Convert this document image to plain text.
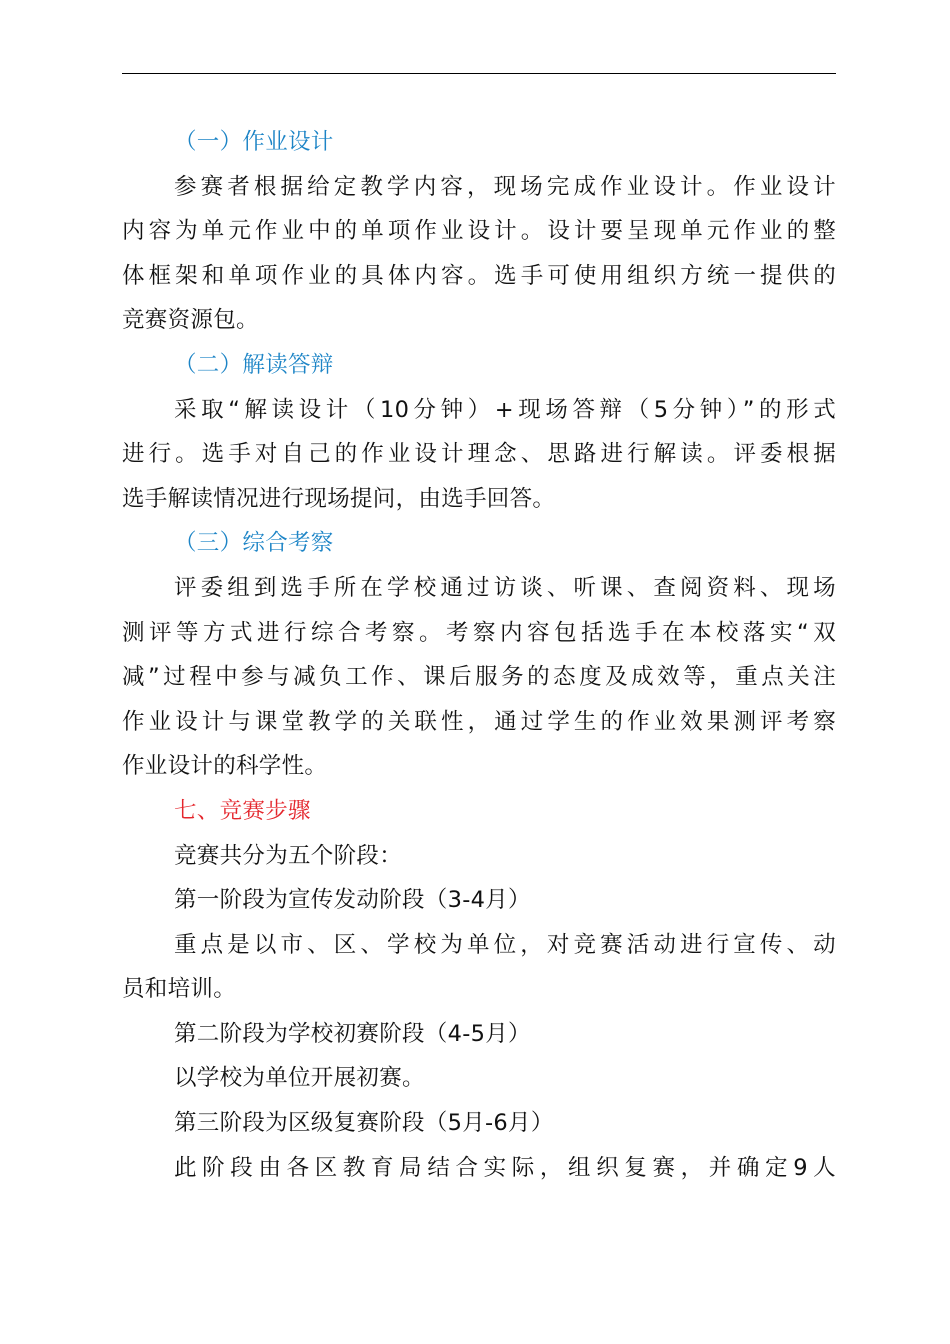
（一）作业设计
参赛者根据给定教学内容，现场完成作业设计。作业设计
内容为单元作业中的单项作业设计。设计要呈现单元作业的整
体框架和单项作业的具体内容。选手可使用组织方统一提供的
竞赛资源包。
（二）解读答辩
采取“解读设计（10分钟）+现场答辩（5分钟）”的形式
进行。选手对自己的作业设计理念、思路进行解读。评委根据
选手解读情况进行现场提问，由选手回答。
（三）综合考察
评委组到选手所在学校通过访谈、听课、查阅资料、现场
测评等方式进行综合考察。考察内容包括选手在本校落实“双
减”过程中参与减负工作、课后服务的态度及成效等，重点关注
作业设计与课堂教学的关联性，通过学生的作业效果测评考察
作业设计的科学性。
七、竞赛步骤
竞赛共分为五个阶段：
第一阶段为宣传发动阶段（3-4月）
重点是以市、区、学校为单位，对竞赛活动进行宣传、动
员和培训。
第二阶段为学校初赛阶段（4-5月）
以学校为单位开展初赛。
第三阶段为区级复赛阶段（5月-6月）
此阶段由各区教育局结合实际，组织复赛，并确定9人
